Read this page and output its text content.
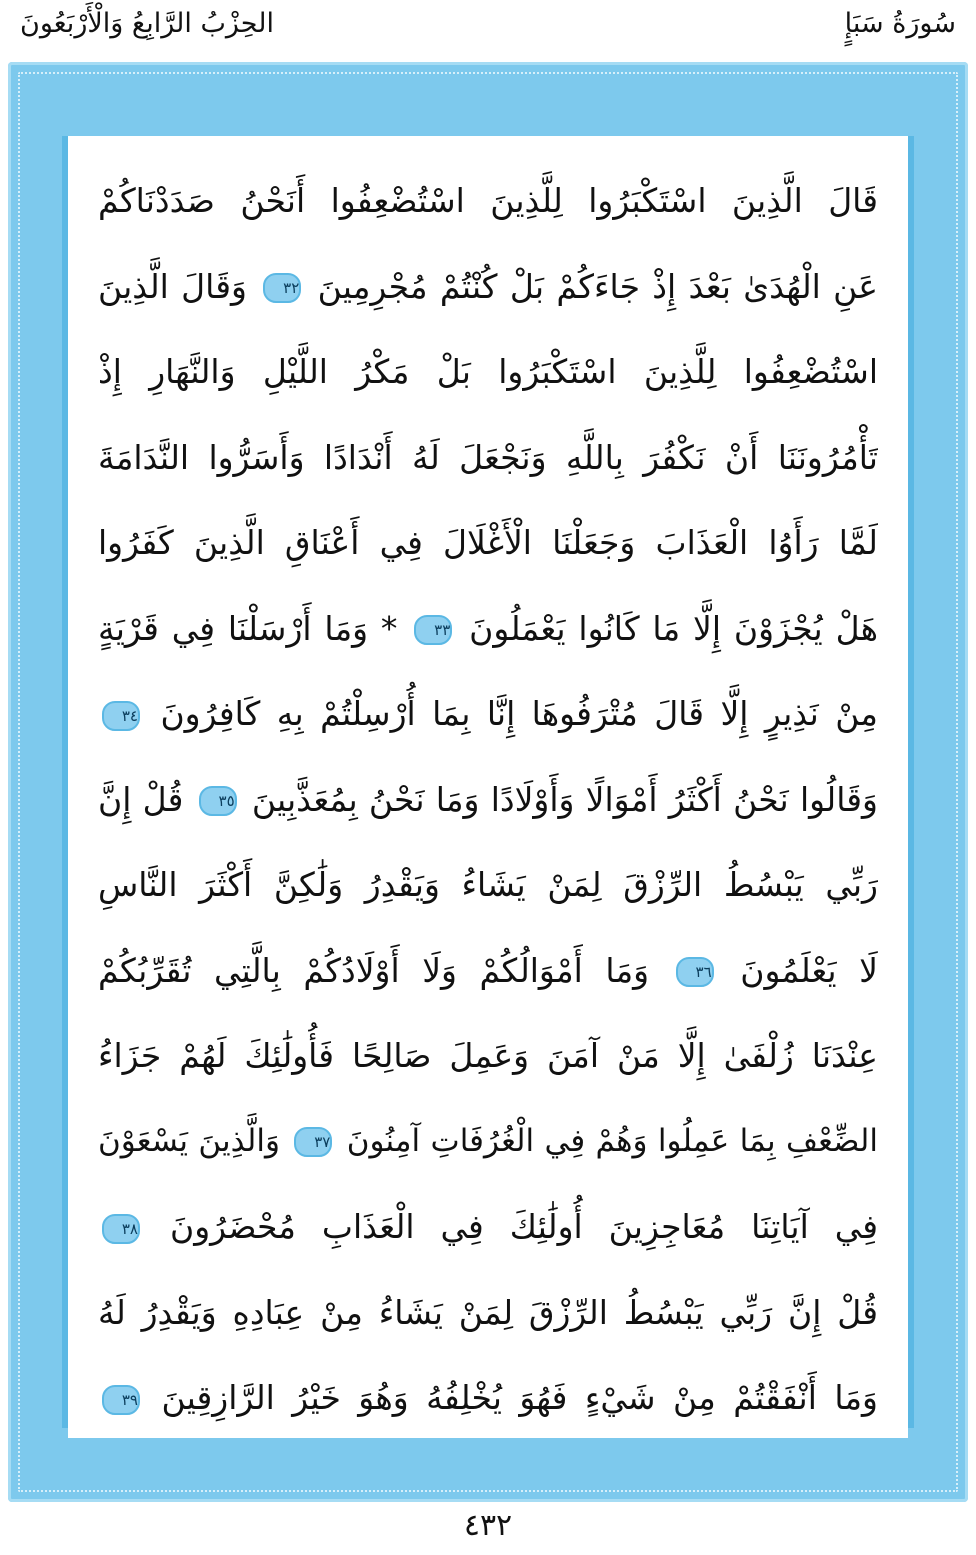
الحِزْبُ الرَّابِعُ وَالْأَرْبَعُونَ	سُورَةُ سَبَإٍ
قَالَ الَّذِينَ اسْتَكْبَرُوا لِلَّذِينَ اسْتُضْعِفُوا أَنَحْنُ صَدَدْنَاكُمْ
عَنِ الْهُدَىٰ بَعْدَ إِذْ جَاءَكُمْ بَلْ كُنْتُمْ مُجْرِمِينَ ٣٢ وَقَالَ الَّذِينَ
اسْتُضْعِفُوا لِلَّذِينَ اسْتَكْبَرُوا بَلْ مَكْرُ اللَّيْلِ وَالنَّهَارِ إِذْ
تَأْمُرُونَنَا أَنْ نَكْفُرَ بِاللَّهِ وَنَجْعَلَ لَهُ أَنْدَادًا وَأَسَرُّوا النَّدَامَةَ
لَمَّا رَأَوُا الْعَذَابَ وَجَعَلْنَا الْأَغْلَالَ فِي أَعْنَاقِ الَّذِينَ كَفَرُوا
هَلْ يُجْزَوْنَ إِلَّا مَا كَانُوا يَعْمَلُونَ ٣٣ * وَمَا أَرْسَلْنَا فِي قَرْيَةٍ
مِنْ نَذِيرٍ إِلَّا قَالَ مُتْرَفُوهَا إِنَّا بِمَا أُرْسِلْتُمْ بِهِ كَافِرُونَ ٣٤
وَقَالُوا نَحْنُ أَكْثَرُ أَمْوَالًا وَأَوْلَادًا وَمَا نَحْنُ بِمُعَذَّبِينَ ٣٥ قُلْ إِنَّ
رَبِّي يَبْسُطُ الرِّزْقَ لِمَنْ يَشَاءُ وَيَقْدِرُ وَلَٰكِنَّ أَكْثَرَ النَّاسِ
لَا يَعْلَمُونَ ٣٦ وَمَا أَمْوَالُكُمْ وَلَا أَوْلَادُكُمْ بِالَّتِي تُقَرِّبُكُمْ
عِنْدَنَا زُلْفَىٰ إِلَّا مَنْ آمَنَ وَعَمِلَ صَالِحًا فَأُولَٰئِكَ لَهُمْ جَزَاءُ
الضِّعْفِ بِمَا عَمِلُوا وَهُمْ فِي الْغُرُفَاتِ آمِنُونَ ٣٧ وَالَّذِينَ يَسْعَوْنَ
فِي آيَاتِنَا مُعَاجِزِينَ أُولَٰئِكَ فِي الْعَذَابِ مُحْضَرُونَ ٣٨
قُلْ إِنَّ رَبِّي يَبْسُطُ الرِّزْقَ لِمَنْ يَشَاءُ مِنْ عِبَادِهِ وَيَقْدِرُ لَهُ
وَمَا أَنْفَقْتُمْ مِنْ شَيْءٍ فَهُوَ يُخْلِفُهُ وَهُوَ خَيْرُ الرَّازِقِينَ ٣٩
٤٣٢
